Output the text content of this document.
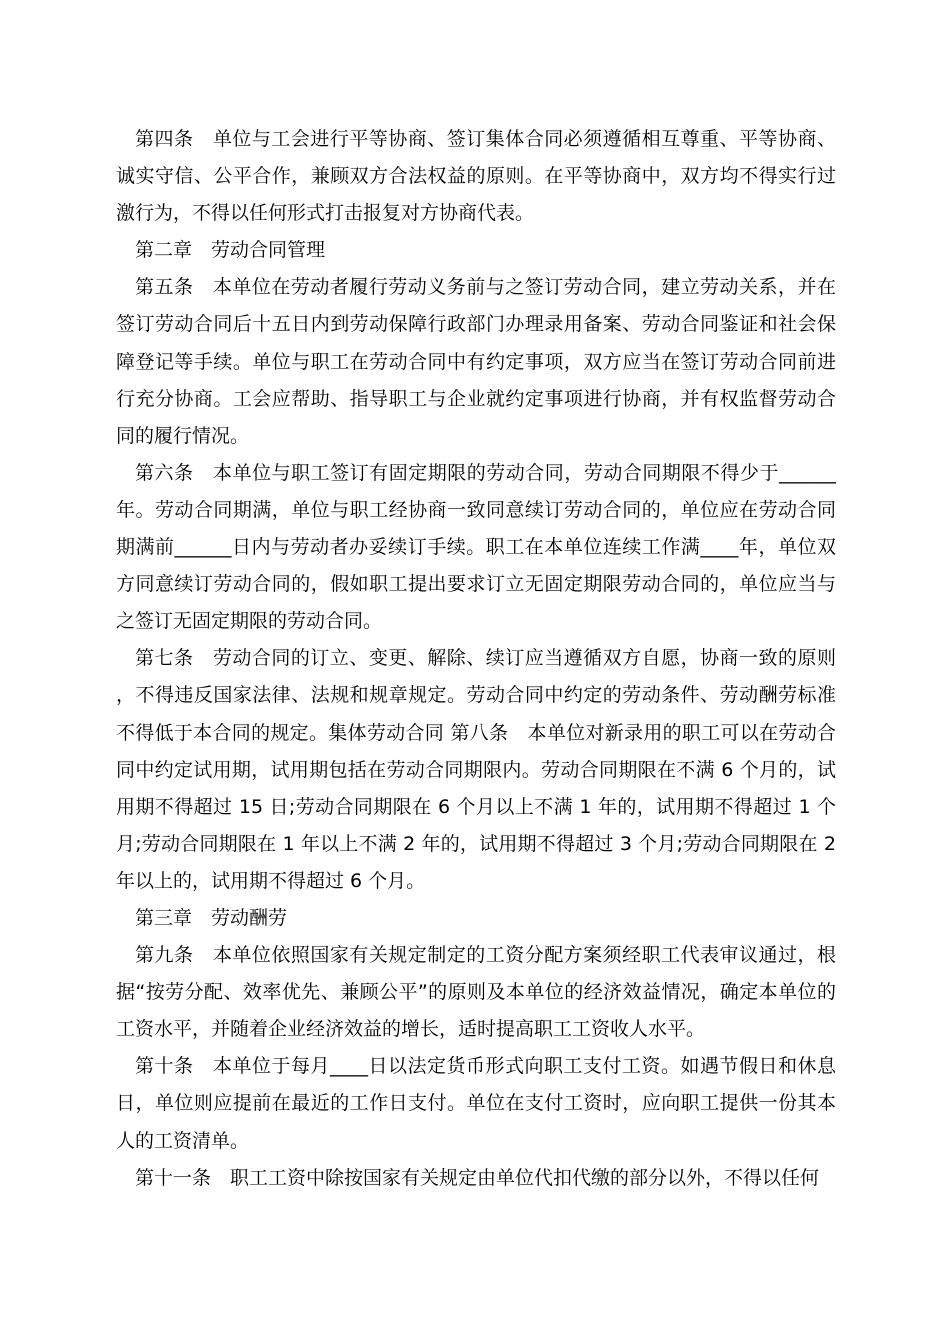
第四条　单位与工会进行平等协商、签订集体合同必须遵循相互尊重、平等协商、诚实守信、公平合作，兼顾双方合法权益的原则。在平等协商中，双方均不得实行过激行为，不得以任何形式打击报复对方协商代表。

第二章　劳动合同管理

第五条　本单位在劳动者履行劳动义务前与之签订劳动合同，建立劳动关系，并在签订劳动合同后十五日内到劳动保障行政部门办理录用备案、劳动合同鉴证和社会保障登记等手续。单位与职工在劳动合同中有约定事项，双方应当在签订劳动合同前进行充分协商。工会应帮助、指导职工与企业就约定事项进行协商，并有权监督劳动合同的履行情况。

第六条　本单位与职工签订有固定期限的劳动合同，劳动合同期限不得少于______年。劳动合同期满，单位与职工经协商一致同意续订劳动合同的，单位应在劳动合同期满前______日内与劳动者办妥续订手续。职工在本单位连续工作满____年，单位双方同意续订劳动合同的，假如职工提出要求订立无固定期限劳动合同的，单位应当与之签订无固定期限的劳动合同。

第七条　劳动合同的订立、变更、解除、续订应当遵循双方自愿，协商一致的原则，不得违反国家法律、法规和规章规定。劳动合同中约定的劳动条件、劳动酬劳标准不得低于本合同的规定。集体劳动合同 第八条　本单位对新录用的职工可以在劳动合同中约定试用期，试用期包括在劳动合同期限内。劳动合同期限在不满 6 个月的，试用期不得超过 15 日;劳动合同期限在 6 个月以上不满 1 年的，试用期不得超过 1 个月;劳动合同期限在 1 年以上不满 2 年的，试用期不得超过 3 个月;劳动合同期限在 2 年以上的，试用期不得超过 6 个月。

第三章　劳动酬劳

第九条　本单位依照国家有关规定制定的工资分配方案须经职工代表审议通过，根据“按劳分配、效率优先、兼顾公平”的原则及本单位的经济效益情况，确定本单位的工资水平，并随着企业经济效益的增长，适时提高职工工资收人水平。

第十条　本单位于每月____日以法定货币形式向职工支付工资。如遇节假日和休息日，单位则应提前在最近的工作日支付。单位在支付工资时，应向职工提供一份其本人的工资清单。

第十一条　职工工资中除按国家有关规定由单位代扣代缴的部分以外，不得以任何
